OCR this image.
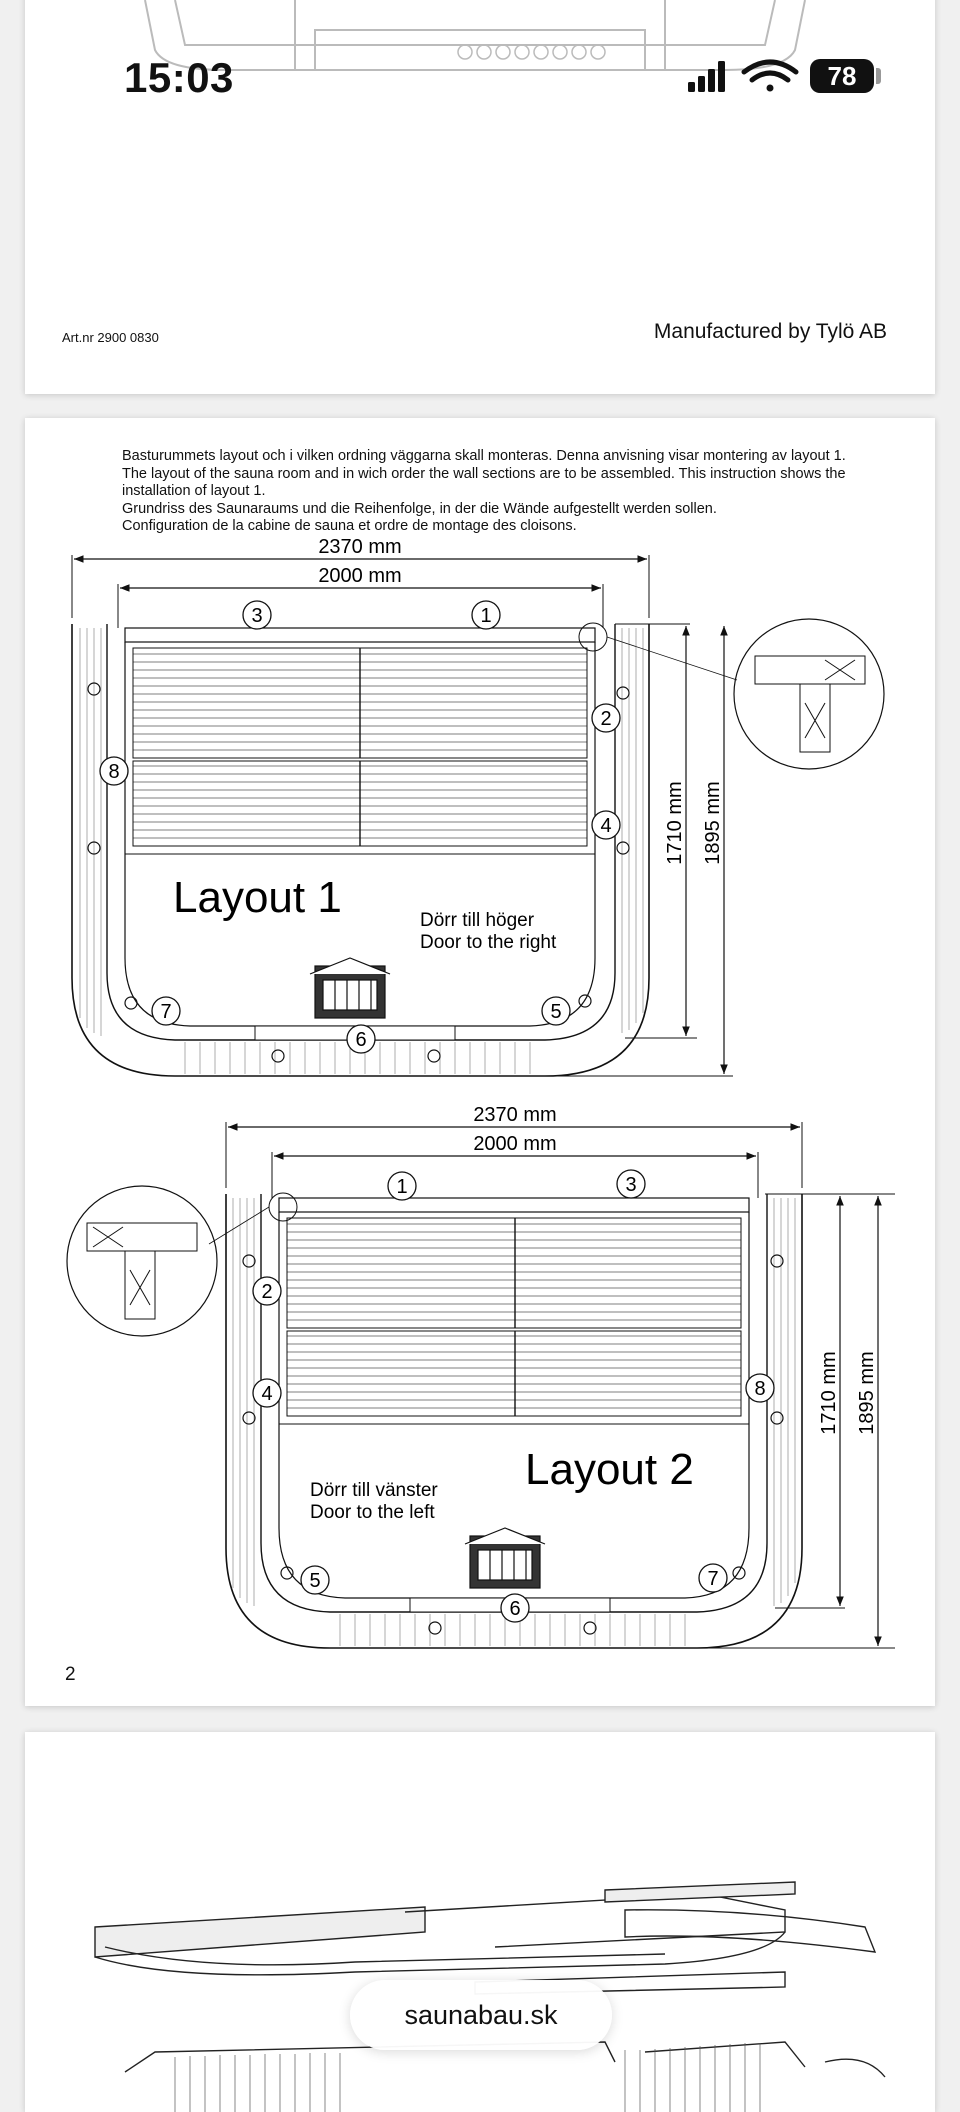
15:03	78
Art.nr 2900 0830	Manufactured by Tylö AB
Basturummets layout och i vilken ordning väggarna skall monteras. Denna anvisning visar montering av layout 1.
The layout of the sauna room and in wich order the wall sections are to be assembled. This instruction shows the installation of layout 1.
Grundriss des Saunaraums und die Reihenfolge, in der die Wände aufgestellt werden sollen.
Configuration de la cabine de sauna et ordre de montage des cloisons.
2370 mm
2000 mm
1710 mm 1895 mm
Layout 1	Dörr till höger
Door to the right
3	1
2
8
4
7	5
6
2370 mm
2000 mm
1710 mm 1895 mm
Layout 2
Dörr till vänster
Door to the left
1	3
2
8
4
5	7
6
2
saunabau.sk
